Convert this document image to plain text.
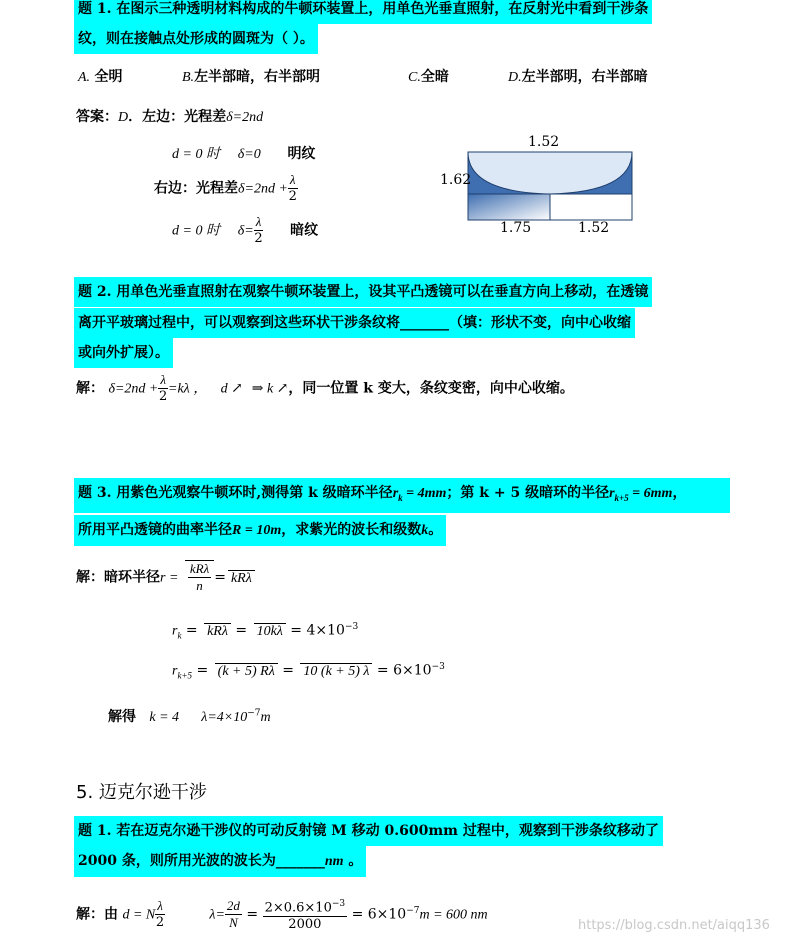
题 1. 在图示三种透明材料构成的牛顿环装置上，用单色光垂直照射，在反射光中看到干涉条
纹，则在接触点处形成的圆斑为（ ）。
A. 全明	B.左半部暗，右半部明	C.全暗	D.左半部明，右半部暗
答案：D．左边：光程差δ=2nd
d = 0 时 δ=0 明纹
右边：光程差$\delta=2nd + \frac{\lambda}{2}$
d = 0 时 $\delta= \frac{\lambda}{2}$ 暗纹
1.52
1.62
1.75	1.52
题 2. 用单色光垂直照射在观察牛顿环装置上，设其平凸透镜可以在垂直方向上移动，在透镜
离开平玻璃过程中，可以观察到这些环状干涉条纹将_______（填：形状不变，向中心收缩
或向外扩展）。
解： $\delta=2nd + \frac{\lambda}{2} =k\lambda$ ， d ↗ ⇒ k ↗，同一位置 k 变大，条纹变密，向中心收缩。
题 3. 用紫色光观察牛顿环时,测得第 k 级暗环半径$r_k = 4mm$；第 k + 5 级暗环的半径$r_{k+5} = 6mm$，
所用平凸透镜的曲率半径R = 10m，求紫光的波长和级数k。
解：暗环半径$r = \frac{\text{kRλ}}{n} = kR\lambda$
$r_k = kR\lambda = 10k\lambda = 4\times 10^{-3}$
$r_{k+5} = (k + 5) R\lambda = 10$ (k + 5) $\lambda = 6\times 10^{-3}$
解得 k = 4 $\lambda=4\times 10^{-7}m$
5. 迈克尔逊干涉
题 1. 若在迈克尔逊干涉仪的可动反射镜 M 移动 0.600mm 过程中，观察到干涉条纹移动了
2000 条，则所用光波的波长为_______nm 。
解：由 d = N $\frac{\lambda}{2}$	$\lambda= \frac{2d}{N} = \frac{2\times 0.6\times 10^{-3}}{2000} = 6\times 10^{-7}m = 600$ nm
https://blog.csdn.net/aiqq136
